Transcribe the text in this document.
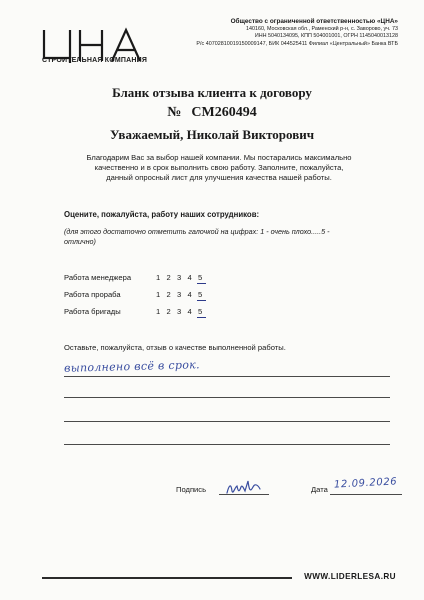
СТРОИТЕЛЬНАЯ КОМПАНИЯ
Общество с ограниченной ответственностью «ЦНА»
140160, Московская обл., Раменский р-н, с. Заворово, уч. 73
ИНН 5040134095, КПП 504001001, ОГРН 1145040013128
Р/с 40702810019150009147, БИК 044525411 Филиал «Центральный» Банка ВТБ
Бланк отзыва клиента к договору
№ СМ260494
Уважаемый, Николай Викторович
Благодарим Вас за выбор нашей компании. Мы постарались максимально
качественно и в срок выполнить свою работу. Заполните, пожалуйста,
данный опросный лист для улучшения качества нашей работы.
Оцените, пожалуйста, работу наших сотрудников:
(для этого достаточно отметить галочкой на цифрах: 1 - очень плохо.....5 -
отлично)
Работа менеджера	1 2 3 4 5
Работа прораба	1 2 3 4 5
Работа бригады	1 2 3 4 5
Оставьте, пожалуйста, отзыв о качестве выполненной работы.
выполнено всё в срок.
Подпись	Дата 12.09.2026
WWW.LIDERLESA.RU
